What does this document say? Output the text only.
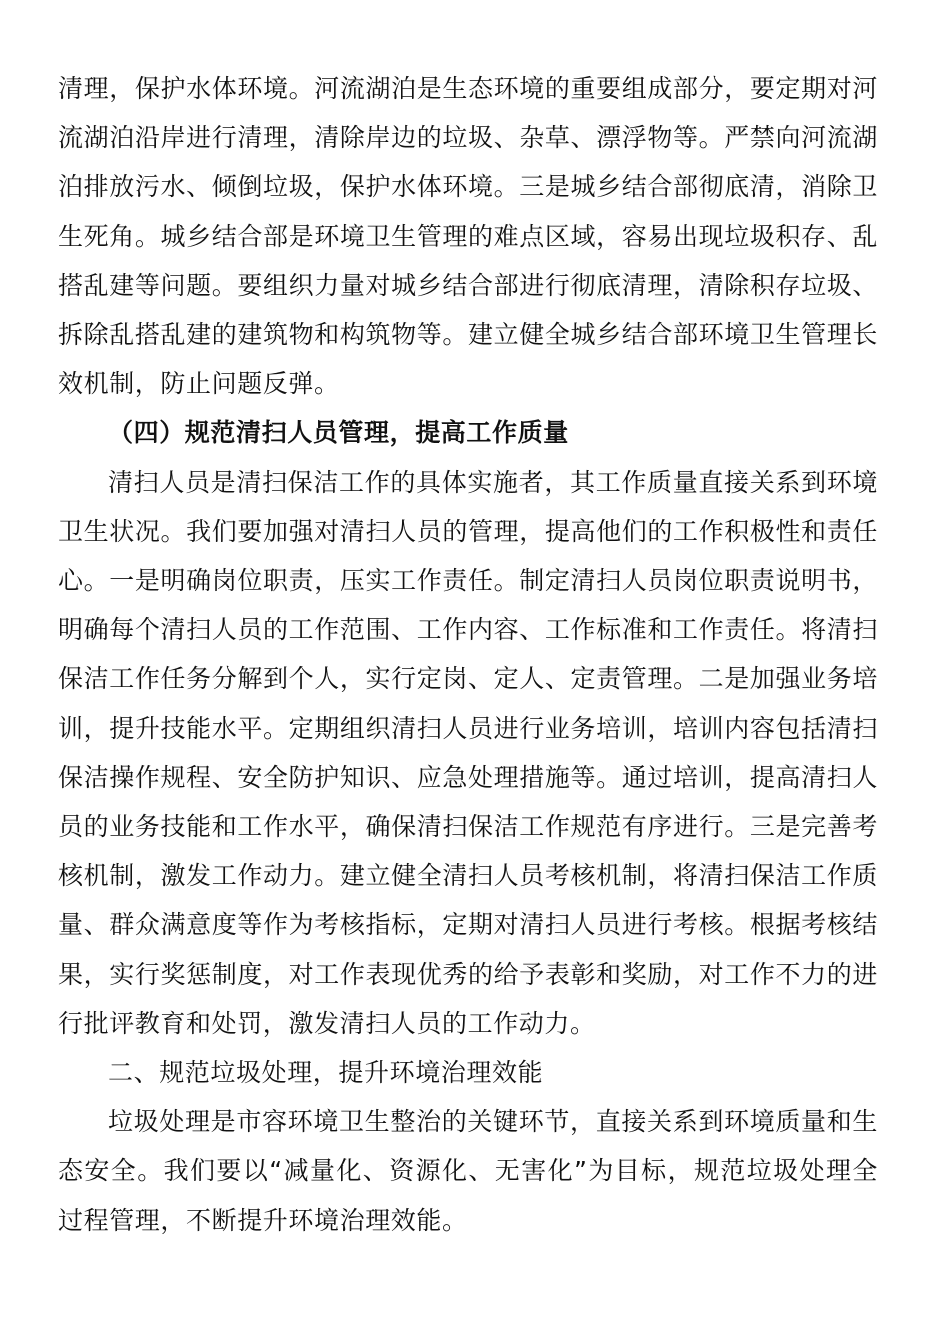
清理，保护水体环境。河流湖泊是生态环境的重要组成部分，要定期对河流湖泊沿岸进行清理，清除岸边的垃圾、杂草、漂浮物等。严禁向河流湖泊排放污水、倾倒垃圾，保护水体环境。三是城乡结合部彻底清，消除卫生死角。城乡结合部是环境卫生管理的难点区域，容易出现垃圾积存、乱搭乱建等问题。要组织力量对城乡结合部进行彻底清理，清除积存垃圾、拆除乱搭乱建的建筑物和构筑物等。建立健全城乡结合部环境卫生管理长效机制，防止问题反弹。

（四）规范清扫人员管理，提高工作质量

清扫人员是清扫保洁工作的具体实施者，其工作质量直接关系到环境卫生状况。我们要加强对清扫人员的管理，提高他们的工作积极性和责任心。一是明确岗位职责，压实工作责任。制定清扫人员岗位职责说明书，明确每个清扫人员的工作范围、工作内容、工作标准和工作责任。将清扫保洁工作任务分解到个人，实行定岗、定人、定责管理。二是加强业务培训，提升技能水平。定期组织清扫人员进行业务培训，培训内容包括清扫保洁操作规程、安全防护知识、应急处理措施等。通过培训，提高清扫人员的业务技能和工作水平，确保清扫保洁工作规范有序进行。三是完善考核机制，激发工作动力。建立健全清扫人员考核机制，将清扫保洁工作质量、群众满意度等作为考核指标，定期对清扫人员进行考核。根据考核结果，实行奖惩制度，对工作表现优秀的给予表彰和奖励，对工作不力的进行批评教育和处罚，激发清扫人员的工作动力。

二、规范垃圾处理，提升环境治理效能

垃圾处理是市容环境卫生整治的关键环节，直接关系到环境质量和生态安全。我们要以“减量化、资源化、无害化”为目标，规范垃圾处理全过程管理，不断提升环境治理效能。
